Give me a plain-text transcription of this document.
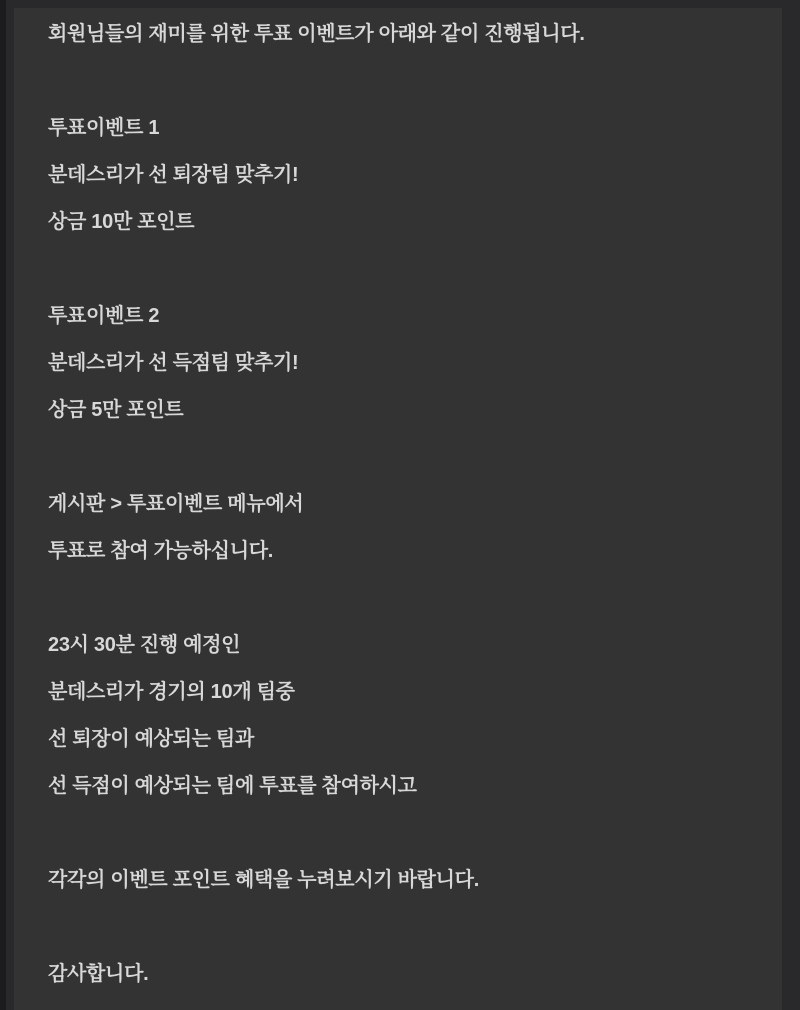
회원님들의 재미를 위한 투표 이벤트가 아래와 같이 진행됩니다.
투표이벤트 1
분데스리가 선 퇴장팀 맞추기!
상금 10만 포인트
투표이벤트 2
분데스리가 선 득점팀 맞추기!
상금 5만 포인트
게시판 > 투표이벤트 메뉴에서
투표로 참여 가능하십니다.
23시 30분 진행 예정인
분데스리가 경기의 10개 팀중
선 퇴장이 예상되는 팀과
선 득점이 예상되는 팀에 투표를 참여하시고
각각의 이벤트 포인트 혜택을 누려보시기 바랍니다.
감사합니다.
